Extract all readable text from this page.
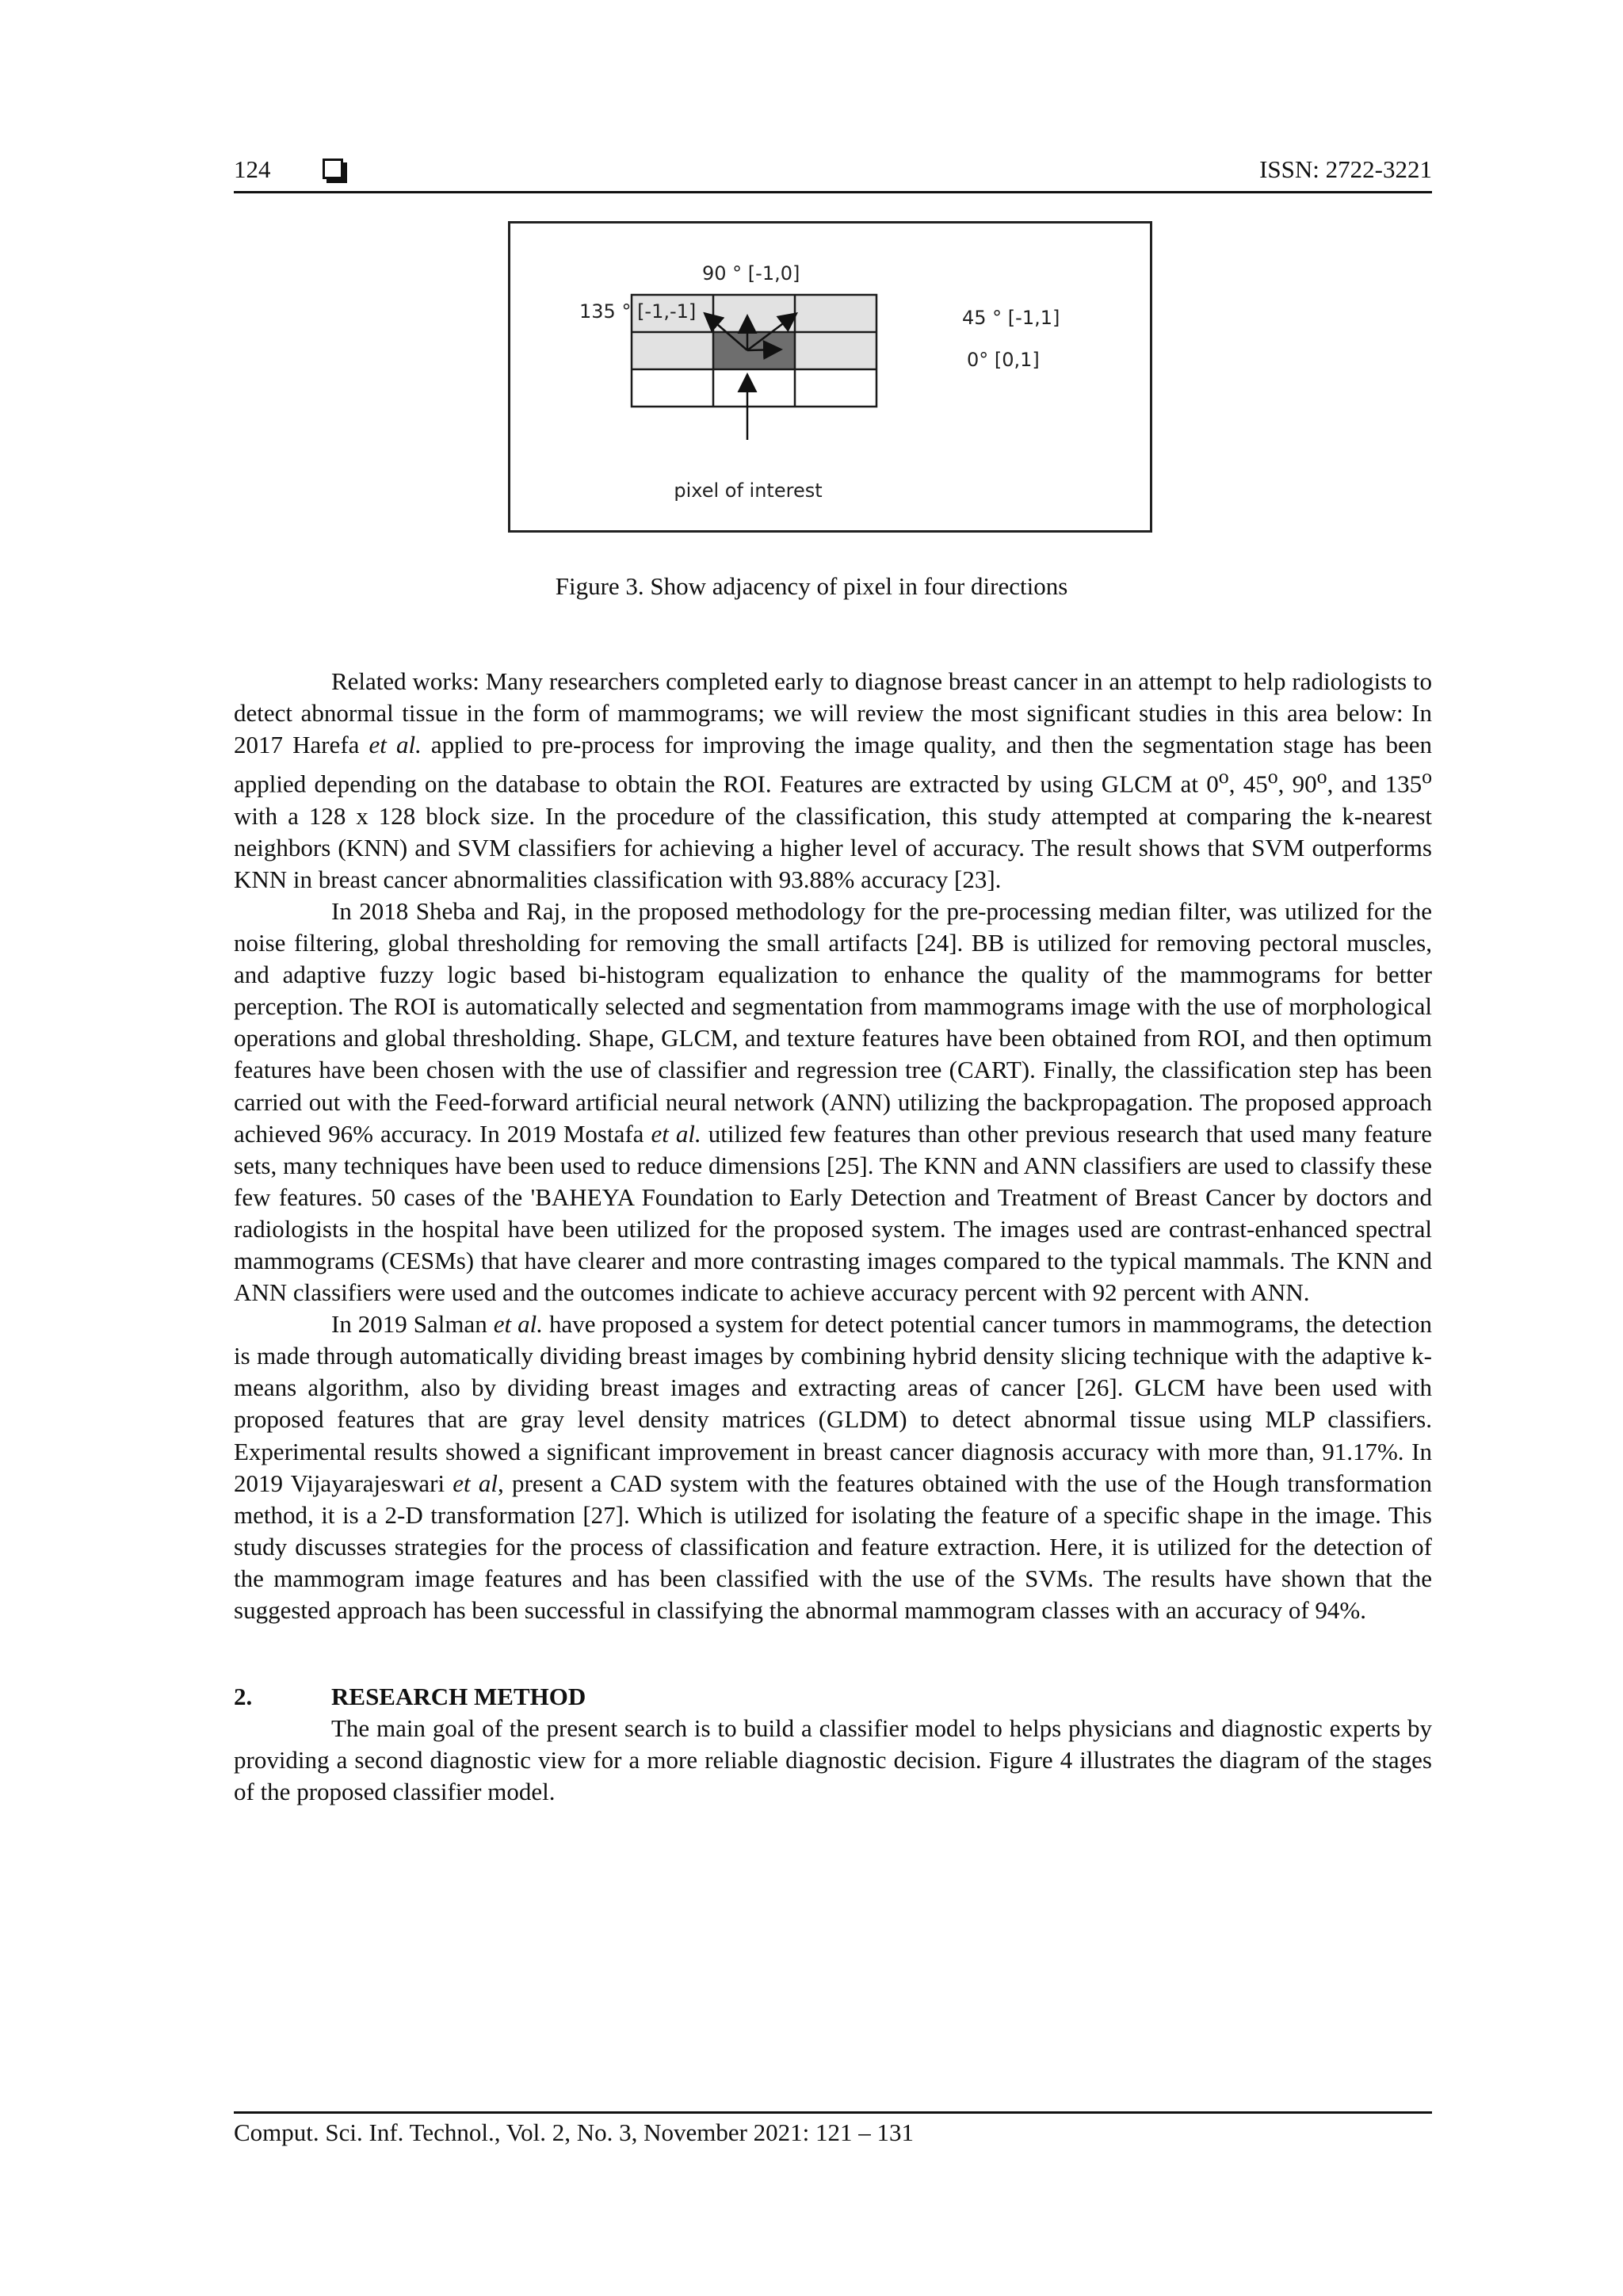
124	ISSN: 2722-3221
90 ° [-1,0]
135 ° [-1,-1]	45 ° [-1,1]
0° [0,1]
pixel of interest
Figure 3. Show adjacency of pixel in four directions

Related works: Many researchers completed early to diagnose breast cancer in an attempt to help radiologists to detect abnormal tissue in the form of mammograms; we will review the most significant studies in this area below: In 2017 Harefa et al. applied to pre-process for improving the image quality, and then the segmentation stage has been applied depending on the database to obtain the ROI. Features are extracted by using GLCM at 0$^o$, 45$^o$, 90$^o$, and 135$^o$ with a 128 x 128 block size. In the procedure of the classification, this study attempted at comparing the k-nearest neighbors (KNN) and SVM classifiers for achieving a higher level of accuracy. The result shows that SVM outperforms KNN in breast cancer abnormalities classification with 93.88% accuracy [23].

In 2018 Sheba and Raj, in the proposed methodology for the pre-processing median filter, was utilized for the noise filtering, global thresholding for removing the small artifacts [24]. BB is utilized for removing pectoral muscles, and adaptive fuzzy logic based bi-histogram equalization to enhance the quality of the mammograms for better perception. The ROI is automatically selected and segmentation from mammograms image with the use of morphological operations and global thresholding. Shape, GLCM, and texture features have been obtained from ROI, and then optimum features have been chosen with the use of classifier and regression tree (CART). Finally, the classification step has been carried out with the Feed-forward artificial neural network (ANN) utilizing the backpropagation. The proposed approach achieved 96% accuracy. In 2019 Mostafa et al. utilized few features than other previous research that used many feature sets, many techniques have been used to reduce dimensions [25]. The KNN and ANN classifiers are used to classify these few features. 50 cases of the 'BAHEYA Foundation to Early Detection and Treatment of Breast Cancer by doctors and radiologists in the hospital have been utilized for the proposed system. The images used are contrast-enhanced spectral mammograms (CESMs) that have clearer and more contrasting images compared to the typical mammals. The KNN and ANN classifiers were used and the outcomes indicate to achieve accuracy percent with 92 percent with ANN.

In 2019 Salman et al. have proposed a system for detect potential cancer tumors in mammograms, the detection is made through automatically dividing breast images by combining hybrid density slicing technique with the adaptive k-means algorithm, also by dividing breast images and extracting areas of cancer [26]. GLCM have been used with proposed features that are gray level density matrices (GLDM) to detect abnormal tissue using MLP classifiers. Experimental results showed a significant improvement in breast cancer diagnosis accuracy with more than, 91.17%. In 2019 Vijayarajeswari et al, present a CAD system with the features obtained with the use of the Hough transformation method, it is a 2-D transformation [27]. Which is utilized for isolating the feature of a specific shape in the image. This study discusses strategies for the process of classification and feature extraction. Here, it is utilized for the detection of the mammogram image features and has been classified with the use of the SVMs. The results have shown that the suggested approach has been successful in classifying the abnormal mammogram classes with an accuracy of 94%.

2.	RESEARCH METHOD

The main goal of the present search is to build a classifier model to helps physicians and diagnostic experts by providing a second diagnostic view for a more reliable diagnostic decision. Figure 4 illustrates the diagram of the stages of the proposed classifier model.

Comput. Sci. Inf. Technol., Vol. 2, No. 3, November 2021: 121 – 131
